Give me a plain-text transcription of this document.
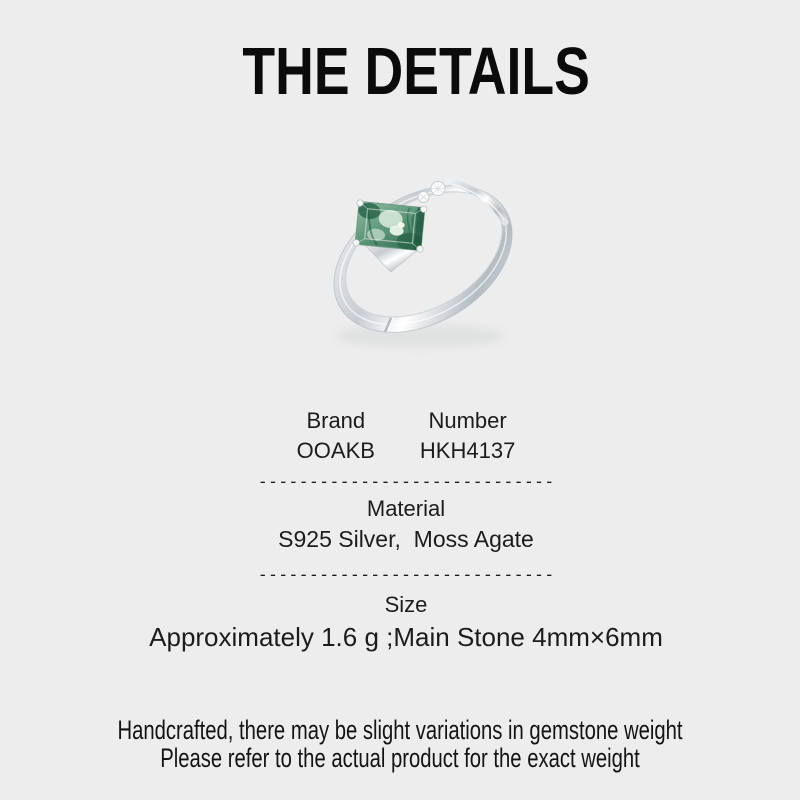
THE DETAILS
Brand
OOAKB
Number
HKH4137
-----------------------------
Material
S925 Silver,  Moss Agate
-----------------------------
Size
Approximately 1.6 g ;Main Stone 4mm×6mm
Handcrafted, there may be slight variations in gemstone weight
Please refer to the actual product for the exact weight
